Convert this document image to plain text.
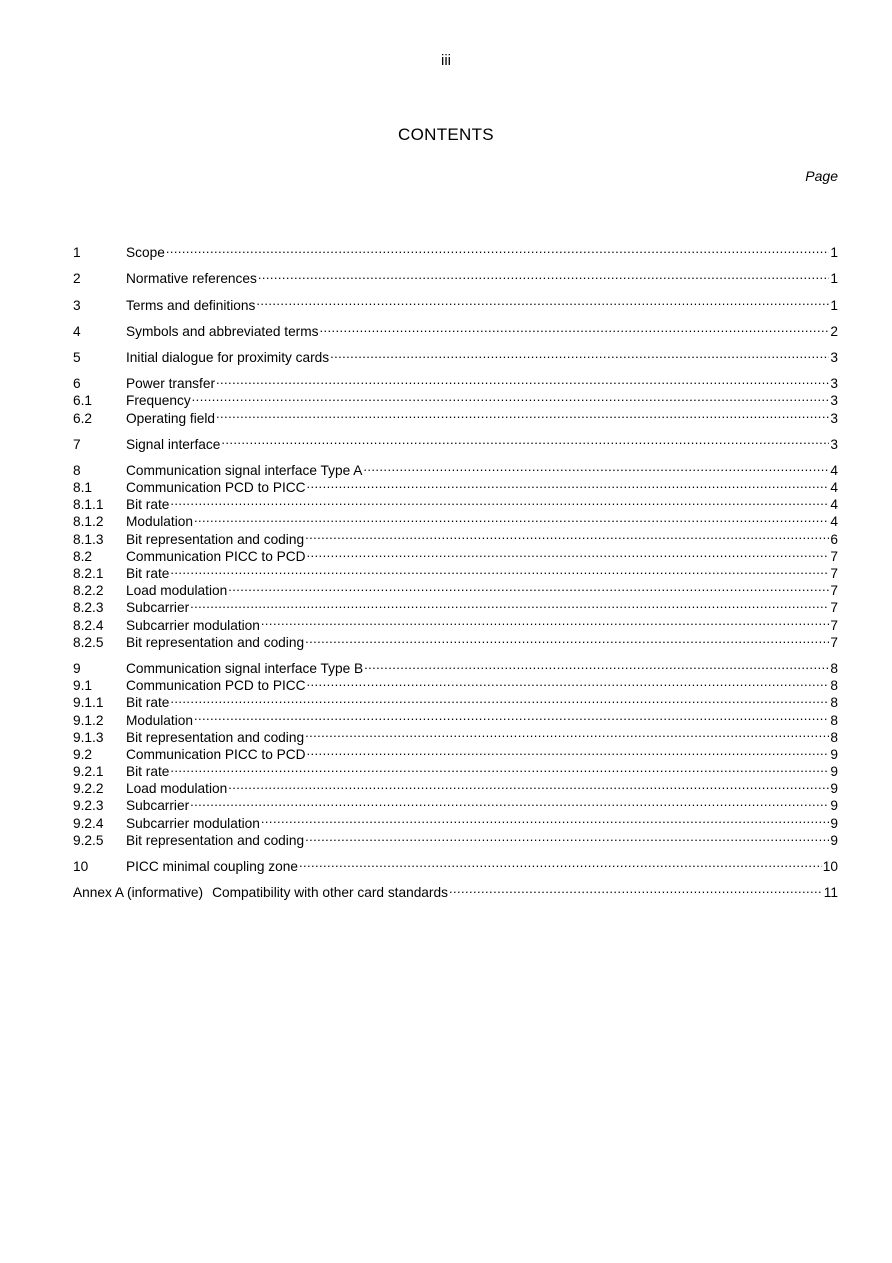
iii
CONTENTS
Page
1	Scope .....	1
2	Normative references .....	1
3	Terms and definitions .....	1
4	Symbols and abbreviated terms .....	2
5	Initial dialogue for proximity cards .....	3
6	Power transfer .....	3
6.1	Frequency .....	3
6.2	Operating field .....	3
7	Signal interface .....	3
8	Communication signal interface Type A .....	4
8.1	Communication PCD to PICC .....	4
8.1.1	Bit rate .....	4
8.1.2	Modulation .....	4
8.1.3	Bit representation and coding .....	6
8.2	Communication PICC to PCD .....	7
8.2.1	Bit rate .....	7
8.2.2	Load modulation .....	7
8.2.3	Subcarrier .....	7
8.2.4	Subcarrier modulation .....	7
8.2.5	Bit representation and coding .....	7
9	Communication signal interface Type B .....	8
9.1	Communication PCD to PICC .....	8
9.1.1	Bit rate .....	8
9.1.2	Modulation .....	8
9.1.3	Bit representation and coding .....	8
9.2	Communication PICC to PCD .....	9
9.2.1	Bit rate .....	9
9.2.2	Load modulation .....	9
9.2.3	Subcarrier .....	9
9.2.4	Subcarrier modulation .....	9
9.2.5	Bit representation and coding .....	9
10	PICC minimal coupling zone .....	10
Annex A (informative) Compatibility with other card standards .....	11
